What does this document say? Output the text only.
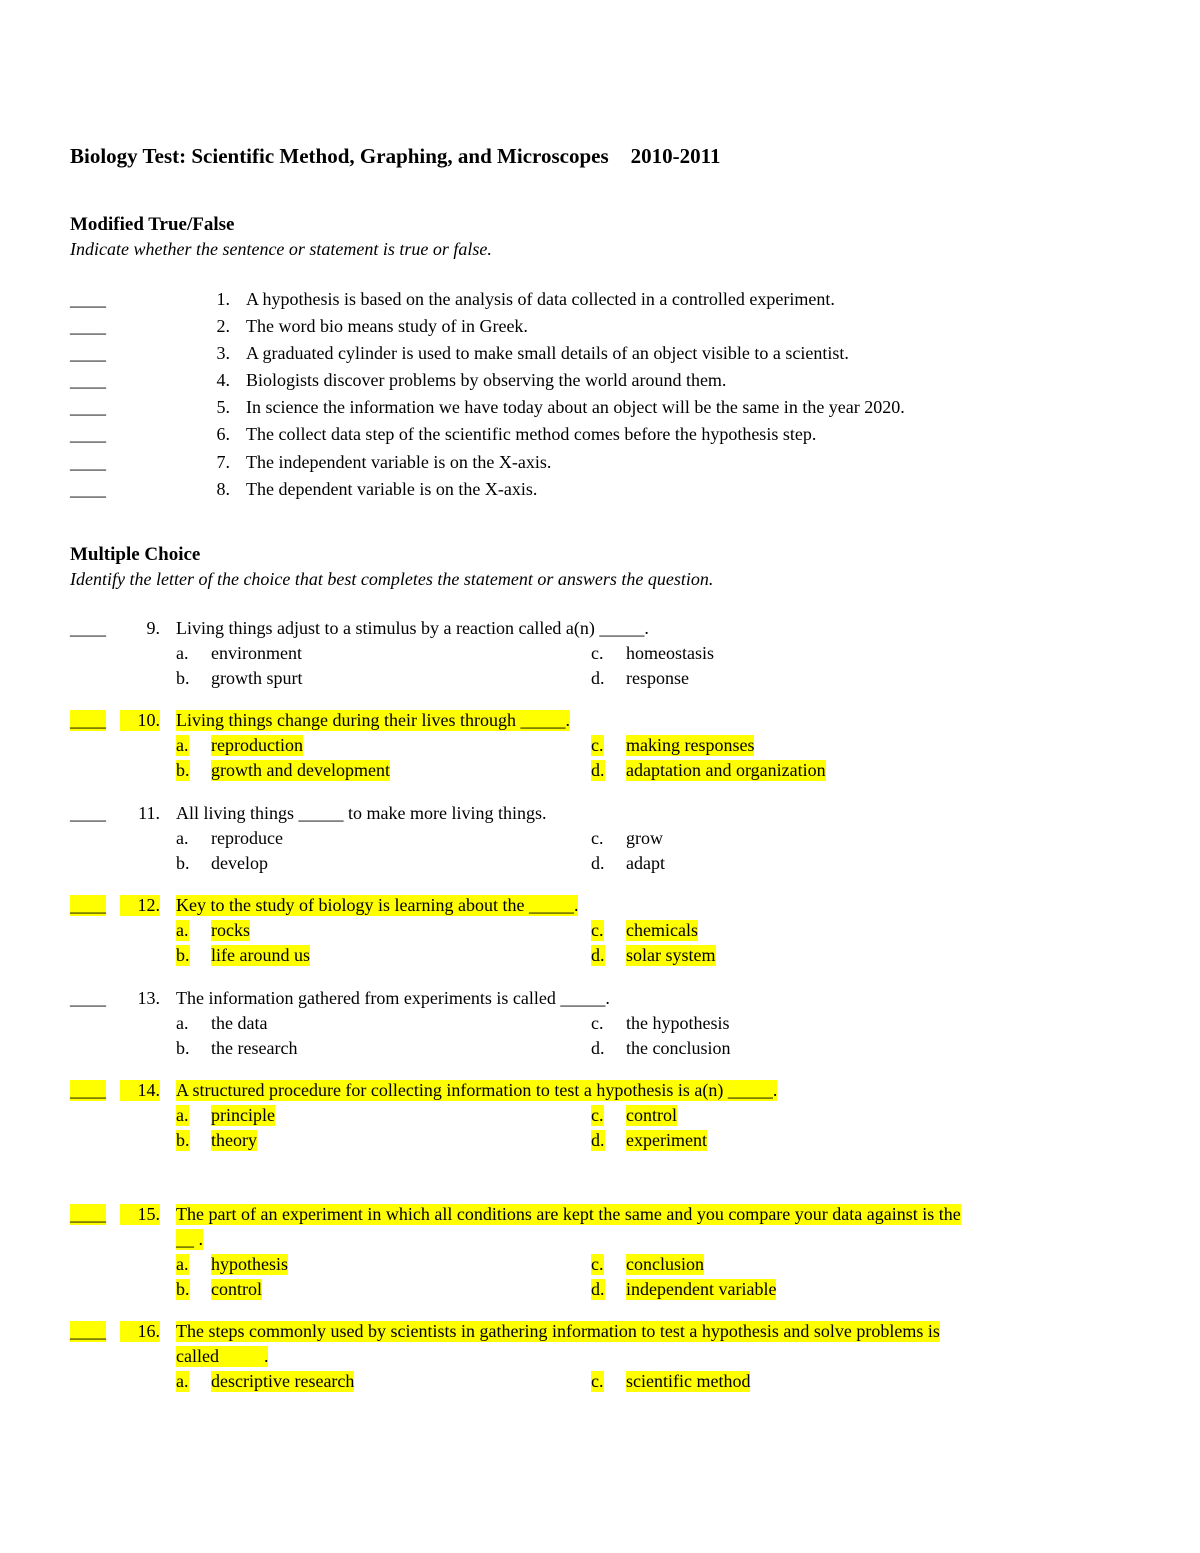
Biology Test: Scientific Method, Graphing, and Microscopes 2010-2011
Modified True/False
Indicate whether the sentence or statement is true or false.
____	1. A hypothesis is based on the analysis of data collected in a controlled experiment.
____	2. The word bio means study of in Greek.
____	3. A graduated cylinder is used to make small details of an object visible to a scientist.
____	4. Biologists discover problems by observing the world around them.
____	5. In science the information we have today about an object will be the same in the year 2020.
____	6. The collect data step of the scientific method comes before the hypothesis step.
____	7. The independent variable is on the X-axis.
____	8. The dependent variable is on the X-axis.
Multiple Choice
Identify the letter of the choice that best completes the statement or answers the question.
____	9. Living things adjust to a stimulus by a reaction called a(n) _____.
a. environment	c. homeostasis
b. growth spurt	d. response
____	10. Living things change during their lives through _____.
a. reproduction	c. making responses
b. growth and development	d. adaptation and organization
____	11. All living things _____ to make more living things.
a. reproduce	c. grow
b. develop	d. adapt
____	12. Key to the study of biology is learning about the _____.
a. rocks	c. chemicals
b. life around us	d. solar system
____	13. The information gathered from experiments is called _____.
a. the data	c. the hypothesis
b. the research	d. the conclusion
____	14. A structured procedure for collecting information to test a hypothesis is a(n) _____.
a. principle	c. control
b. theory	d. experiment
____	15. The part of an experiment in which all conditions are kept the same and you compare your data against is the
__ .
a. hypothesis	c. conclusion
b. control	d. independent variable
____	16. The steps commonly used by scientists in gathering information to test a hypothesis and solve problems is
called          .
a. descriptive research	c. scientific method
